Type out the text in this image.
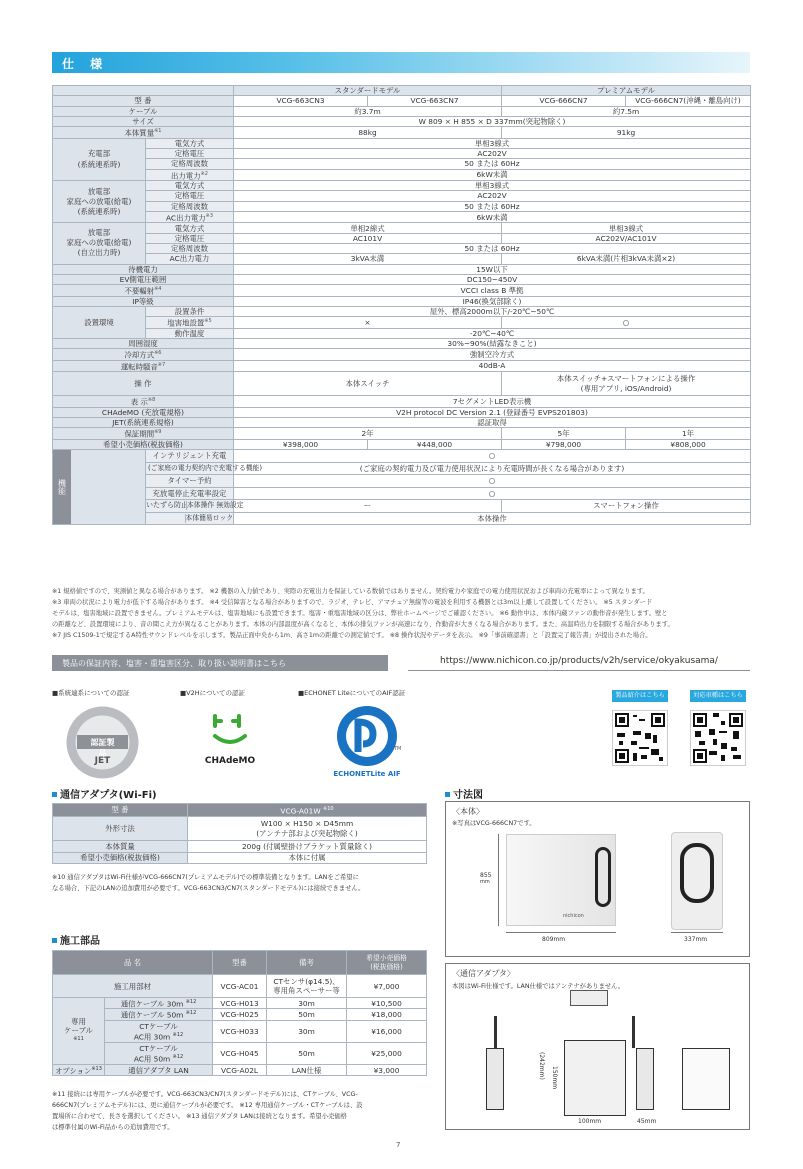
仕 様
		スタンダードモデル		プレミアムモデル	
型 番		VCG-663CN3	VCG-663CN7	VCG-666CN7	VCG-666CN7(沖縄・離島向け)
ケーブル		約3.7m		約7.5m	
サイズ		W 809 × H 855 × D 337mm(突起物除く)			
本体質量$^{※1}$		88kg		91kg	
充電部
(系統連系時)	電気方式	単相3線式			
	定格電圧	AC202V			
	定格周波数	50 または 60Hz			
	出力電力$^{※2}$	6kW未満			
放電部
家庭への放電(給電)
(系統連系時)	電気方式	単相3線式			
	定格電圧	AC202V			
	定格周波数	50 または 60Hz			
	AC出力電力$^{※3}$	6kW未満			
放電部
家庭への放電(給電)
(自立出力時)	電気方式	単相2線式		単相3線式	
	定格電圧	AC101V		AC202V/AC101V	
	定格周波数	50 または 60Hz			
	AC出力電力	3kVA未満		6kVA未満(片相3kVA未満×2)	
待機電力		15W以下			
EV側電圧範囲		DC150~450V			
不要輻射$^{※4}$		VCCI class B 準拠			
IP等級		IP46(換気部除く)			
設置環境	設置条件	屋外、標高2000m以下/-20℃~50℃			
	塩害地設置$^{※5}$	×		○	
	動作温度	-20℃~40℃			
周囲湿度		30%~90%(結露なきこと)			
冷却方式$^{※6}$		強制空冷方式			
運転時騒音$^{※7}$		40dB-A			
操 作		本体スイッチ		本体スイッチ+スマートフォンによる操作
(専用アプリ, iOS/Android)	
表 示$^{※8}$		7セグメントLED表示機			
CHAdeMO (充放電規格)		V2H protocol DC Version 2.1 (登録番号 EVPS201803)			
JET(系統連系規格)		認証取得			
保証期間$^{※9}$		2年		5年	1年
希望小売価格(税抜価格)		¥398,000	¥448,000	¥798,000	¥808,000

機能	インテリジェント充電	○			
	(ご家庭の電力契約内で充電する機能)	(ご家庭の契約電力及び電力使用状況により充電時間が長くなる場合があります)			
	タイマー予約	○			
	充放電停止充電率設定	○			

	いたずら防止 本体操作 無効設定	ー		スマートフォン操作	

	本体簡易ロック	本体操作			
※1 規格値ですので、実測値と異なる場合があります。 ※2 機器の入力値であり、実際の充電出力を保証している数値ではありません。契約電力や家庭での電力使用状況および車両の充電率によって異なります。
※3 車両の状況により電力が低下する場合があります。 ※4 受信障害となる場合がありますので、ラジオ、テレビ、アマチュア無線等の電波を利用する機器とは3m以上離して設置してください。 ※5 スタンダード
モデルは、塩害地域に設置できません。プレミアムモデルは、塩害地域にも設置できます。塩害・重塩害地域の区分は、弊社ホームページでご確認ください。 ※6 動作中は、本体内蔵ファンの動作音が発生します。壁と
の距離など、設置環境により、音の聞こえ方が異なることがあります。本体の内部温度が高くなると、本体の排気ファンが高速になり、作動音が大きくなる場合があります。また、高温時出力を制限する場合があります。
※7 JIS C1509-1で規定するA特性サウンドレベルを示します。製品正面中央から1m、高さ1mの距離での測定値です。 ※8 操作状況やデータを表示。 ※9「事前確認書」と「設置完了報告書」が提出された場合。
製品の保証内容、塩害・重塩害区分、取り扱い説明書はこちら	https://www.nichicon.co.jp/products/v2h/service/okyakusama/
■系統連系についての認証	■V2Hについての認証	■ECHONET LiteについてのAIF認証
認証製品
JET	CHAdeMO
ECHONETLite AIF
TM
製品紹介はこちら	対応車種はこちら
通信アダプタ(Wi-Fi)
型 番	VCG-A01W $^{※10}$
外形寸法	W100 × H150 × D45mm
(アンテナ部および突起物除く)
本体質量	200g (付属壁掛けブラケット質量除く)
希望小売価格(税抜価格)	本体に付属
※10 通信アダプタはWi-Fi仕様がVCG-666CN7(プレミアムモデル)での標準装備となります。LANをご希望に
なる場合、下記のLANの追加費用が必要です。VCG-663CN3/CN7(スタンダードモデル)には接続できません。
施工部品
品 名		型番	備考	希望小売価格
(税抜価格)
施工用部材		VCG-AC01	CTセンサ(φ14.5)、
専用角スペーサー等	¥7,000

専用
ケーブル
※11	通信ケーブル 30m $^{※12}$	VCG-H013	30m	¥10,500
	通信ケーブル 50m $^{※12}$	VCG-H025	50m	¥18,000
	CTケーブル
AC用 30m $^{※12}$	VCG-H033	30m	¥16,000
	CTケーブル
AC用 50m $^{※12}$	VCG-H045	50m	¥25,000
オプション$^{※13}$	通信アダプタ LAN	VCG-A02L	LAN仕様	¥3,000
※11 接続には専用ケーブルが必要です。VCG-663CN3/CN7(スタンダードモデル)には、CTケーブル、VCG-
666CN7(プレミアムモデル)には、更に通信ケーブルが必要です。 ※12 専用通信ケーブル・CTケーブルは、設
置場所に合わせて、長さを選択してください。 ※13 通信アダプタ LANは接続となります。希望小売価格
は標準付属のWi-Fi品からの追加費用です。
寸法図
〈本体〉
※写真はVCG-666CN7です。
nichicon
855
mm
809mm	337mm
〈通信アダプタ〉
本図はWi-Fi仕様です。LAN仕様ではアンテナがありません。
(242mm) 150mm
100mm	45mm
7
